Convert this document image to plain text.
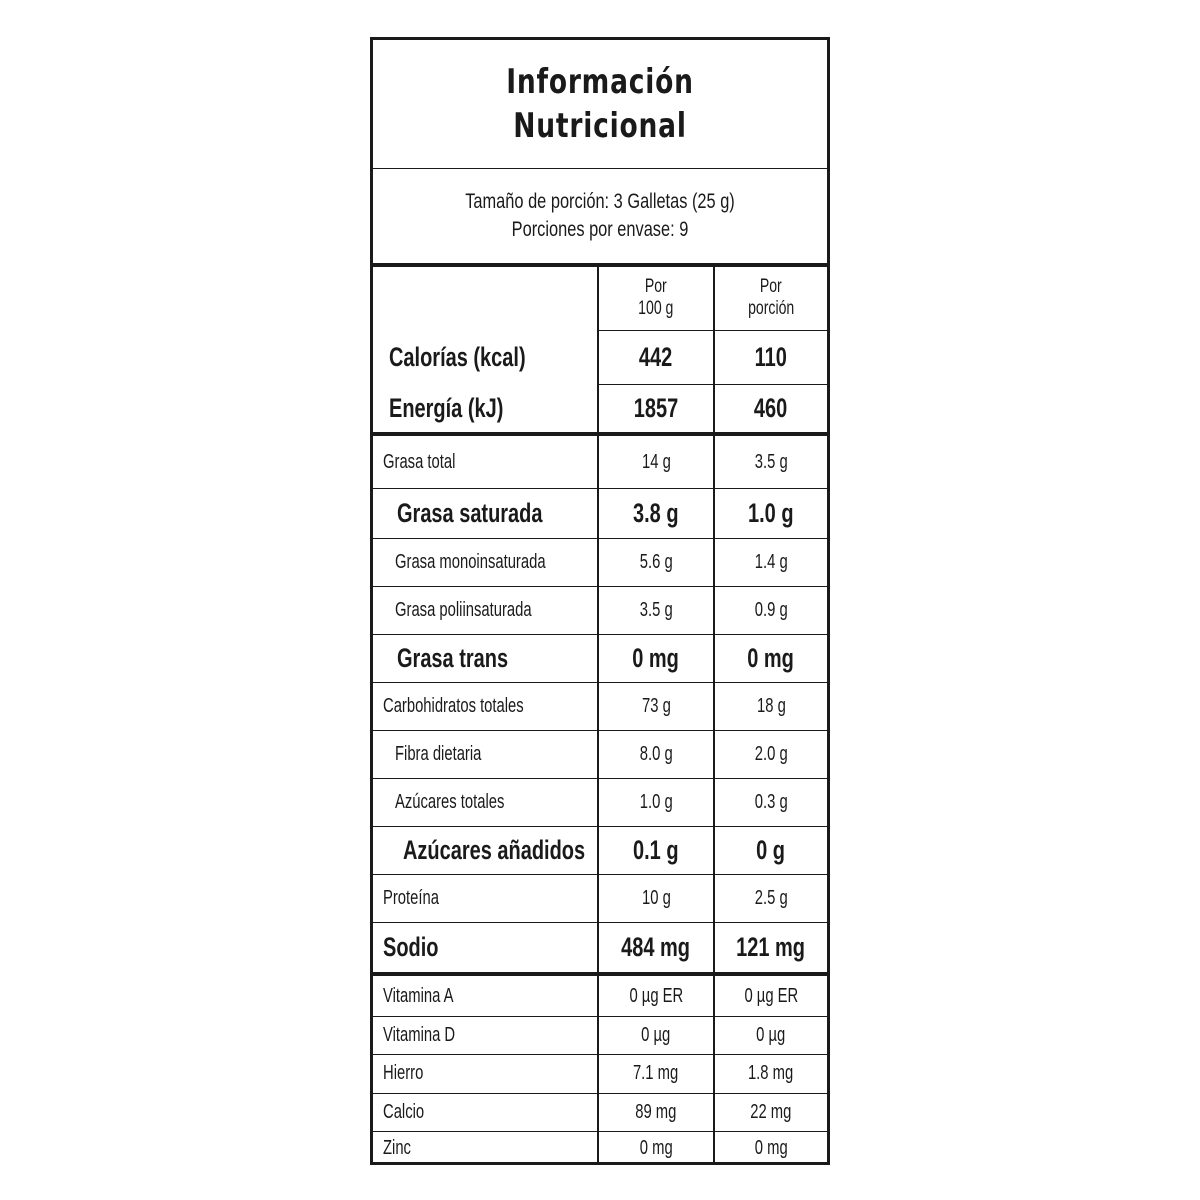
Información
Nutricional
Tamaño de porción: 3 Galletas (25 g)
Porciones por envase: 9
Por
100 g
Por
porción
Calorías (kcal)	442	110
Energía (kJ)	1857	460
Grasa total	14 g	3.5 g
Grasa saturada	3.8 g	1.0 g
Grasa monoinsaturada	5.6 g	1.4 g
Grasa poliinsaturada	3.5 g	0.9 g
Grasa trans	0 mg	0 mg
Carbohidratos totales	73 g	18 g
Fibra dietaria	8.0 g	2.0 g
Azúcares totales	1.0 g	0.3 g
Azúcares añadidos 0.1 g	0 g
Proteína	10 g	2.5 g
Sodio	484 mg 121 mg
Vitamina A	0 µg ER	0 µg ER
Vitamina D	0 µg	0 µg
Hierro	7.1 mg	1.8 mg
Calcio	89 mg	22 mg
Zinc	0 mg	0 mg
